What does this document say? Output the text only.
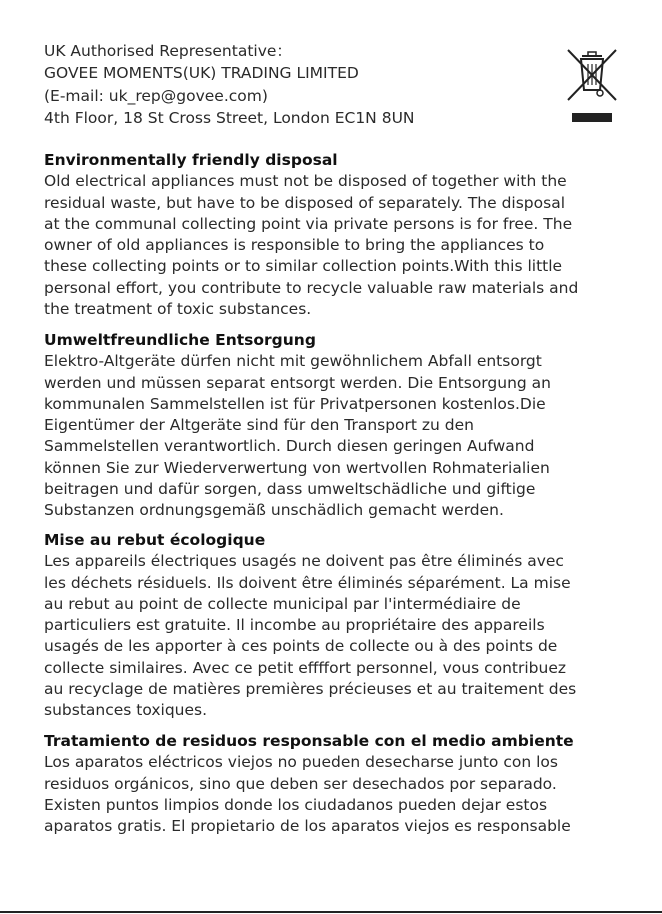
UK Authorised Representative：
GOVEE MOMENTS(UK) TRADING LIMITED
(E-mail: uk_rep@govee.com)
4th Floor, 18 St Cross Street, London EC1N 8UN
Environmentally friendly disposal
Old electrical appliances must not be disposed of together with the
residual waste, but have to be disposed of separately. The disposal
at the communal collecting point via private persons is for free. The
owner of old appliances is responsible to bring the appliances to
these collecting points or to similar collection points.With this little
personal effort, you contribute to recycle valuable raw materials and
the treatment of toxic substances.
Umweltfreundliche Entsorgung
Elektro-Altgeräte dürfen nicht mit gewöhnlichem Abfall entsorgt
werden und müssen separat entsorgt werden. Die Entsorgung an
kommunalen Sammelstellen ist für Privatpersonen kostenlos.Die
Eigentümer der Altgeräte sind für den Transport zu den
Sammelstellen verantwortlich. Durch diesen geringen Aufwand
können Sie zur Wiederverwertung von wertvollen Rohmaterialien
beitragen und dafür sorgen, dass umweltschädliche und giftige
Substanzen ordnungsgemäß unschädlich gemacht werden.
Mise au rebut écologique
Les appareils électriques usagés ne doivent pas être éliminés avec
les déchets résiduels. Ils doivent être éliminés séparément. La mise
au rebut au point de collecte municipal par l'intermédiaire de
particuliers est gratuite. Il incombe au propriétaire des appareils
usagés de les apporter à ces points de collecte ou à des points de
collecte similaires. Avec ce petit effffort personnel, vous contribuez
au recyclage de matières premières précieuses et au traitement des
substances toxiques.
Tratamiento de residuos responsable con el medio ambiente
Los aparatos eléctricos viejos no pueden desecharse junto con los
residuos orgánicos, sino que deben ser desechados por separado.
Existen puntos limpios donde los ciudadanos pueden dejar estos
aparatos gratis. El propietario de los aparatos viejos es responsable
